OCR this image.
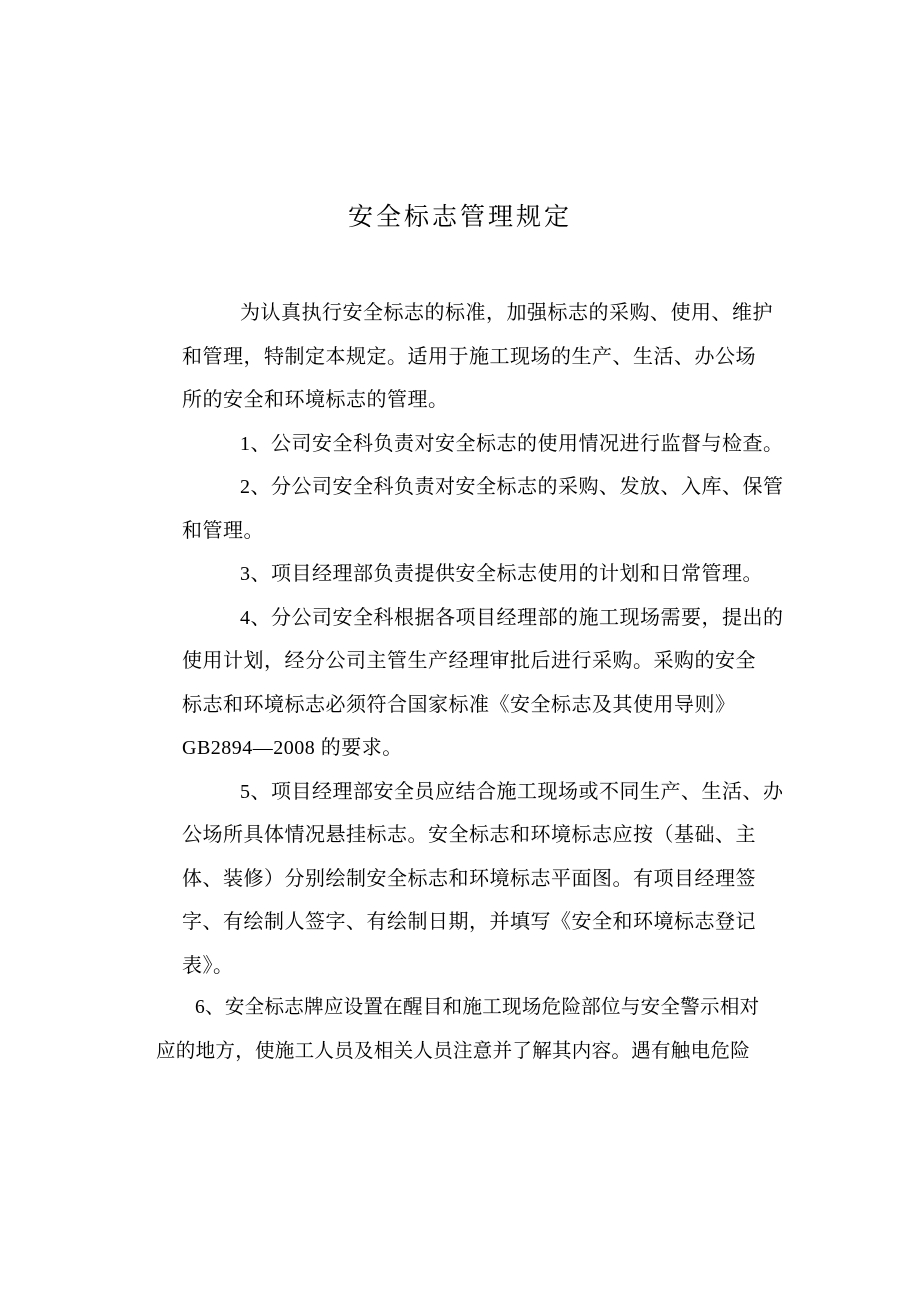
安全标志管理规定
为认真执行安全标志的标准，加强标志的采购、使用、维护
和管理，特制定本规定。适用于施工现场的生产、生活、办公场
所的安全和环境标志的管理。
1、公司安全科负责对安全标志的使用情况进行监督与检查。
2、分公司安全科负责对安全标志的采购、发放、入库、保管
和管理。
3、项目经理部负责提供安全标志使用的计划和日常管理。
4、分公司安全科根据各项目经理部的施工现场需要，提出的
使用计划，经分公司主管生产经理审批后进行采购。采购的安全
标志和环境标志必须符合国家标准《安全标志及其使用导则》
GB2894—2008 的要求。
5、项目经理部安全员应结合施工现场或不同生产、生活、办
公场所具体情况悬挂标志。安全标志和环境标志应按（基础、主
体、装修）分别绘制安全标志和环境标志平面图。有项目经理签
字、有绘制人签字、有绘制日期，并填写《安全和环境标志登记
表》。
6、安全标志牌应设置在醒目和施工现场危险部位与安全警示相对
应的地方，使施工人员及相关人员注意并了解其内容。遇有触电危险
